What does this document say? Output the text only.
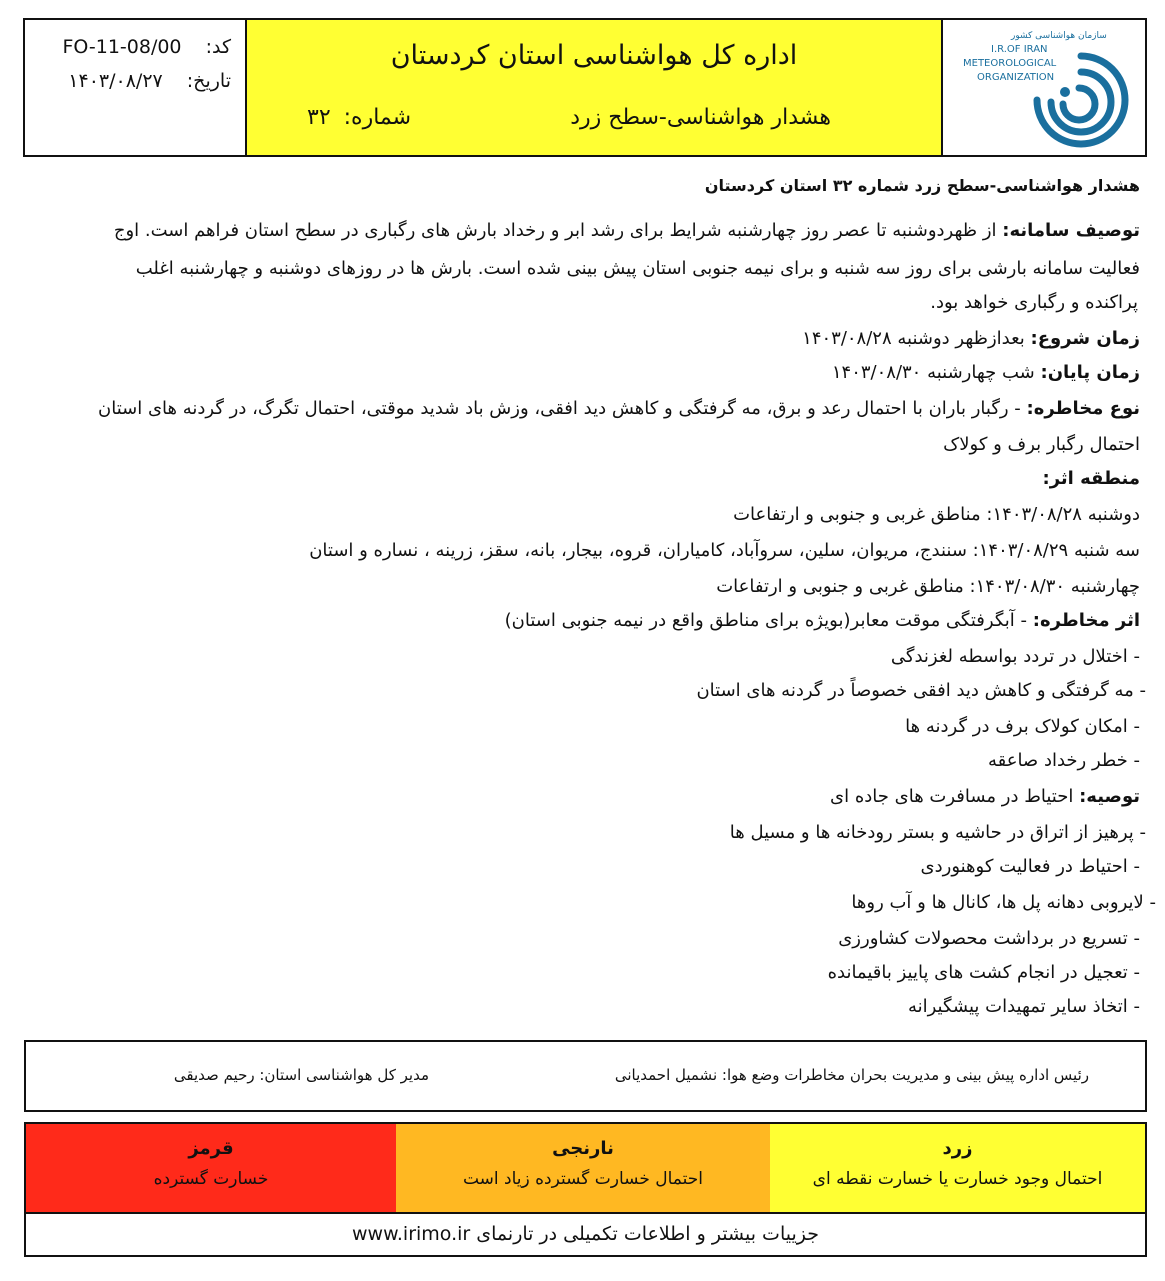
کد: FO-11-08/00
تاریخ: ۱۴۰۳/۰۸/۲۷
اداره کل هواشناسی استان کردستان
هشدار هواشناسی-سطح زرد
شماره: ۳۲
سازمان هواشناسی کشور
I.R.OF IRAN
METEOROLOGICAL
ORGANIZATION
هشدار هواشناسی-سطح زرد شماره ۳۲ استان کردستان
توصیف سامانه: از ظهردوشنبه تا عصر روز چهارشنبه شرایط برای رشد ابر و رخداد بارش های رگباری در سطح استان فراهم است. اوج
فعالیت سامانه بارشی برای روز سه شنبه و برای نیمه جنوبی استان پیش بینی شده است. بارش ها در روزهای دوشنبه و چهارشنبه اغلب
پراکنده و رگباری خواهد بود.
زمان شروع: بعدازظهر دوشنبه ۱۴۰۳/۰۸/۲۸
زمان پایان: شب چهارشنبه ۱۴۰۳/۰۸/۳۰
نوع مخاطره: - رگبار باران با احتمال رعد و برق، مه گرفتگی و کاهش دید افقی، وزش باد شدید موقتی، احتمال تگرگ، در گردنه های استان
احتمال رگبار برف و کولاک
منطقه اثر:
دوشنبه ۱۴۰۳/۰۸/۲۸: مناطق غربی و جنوبی و ارتفاعات
سه شنبه ۱۴۰۳/۰۸/۲۹: سنندج، مریوان، سلین، سروآباد، کامیاران، قروه، بیجار، بانه، سقز، زرینه ، نساره و استان
چهارشنبه ۱۴۰۳/۰۸/۳۰: مناطق غربی و جنوبی و ارتفاعات
اثر مخاطره: - آبگرفتگی موقت معابر(بویژه برای مناطق واقع در نیمه جنوبی استان)
- اختلال در تردد بواسطه لغزندگی
- مه گرفتگی و کاهش دید افقی خصوصاً در گردنه های استان
- امکان کولاک برف در گردنه ها
- خطر رخداد صاعقه
توصیه: احتیاط در مسافرت های جاده ای
- پرهیز از اتراق در حاشیه و بستر رودخانه ها و مسیل ها
- احتیاط در فعالیت کوهنوردی
- لایروبی دهانه پل ها، کانال ها و آب روها
- تسریع در برداشت محصولات کشاورزی
- تعجیل در انجام کشت های پاییز باقیمانده
- اتخاذ سایر تمهیدات پیشگیرانه
رئیس اداره پیش بینی و مدیریت بحران مخاطرات وضع هوا: نشمیل احمدیانی
مدیر کل هواشناسی استان: رحیم صدیقی
زرد
احتمال وجود خسارت یا خسارت نقطه ای
نارنجی
احتمال خسارت گسترده زیاد است
قرمز
خسارت گسترده
جزییات بیشتر و اطلاعات تکمیلی در تارنمای www.irimo.ir
